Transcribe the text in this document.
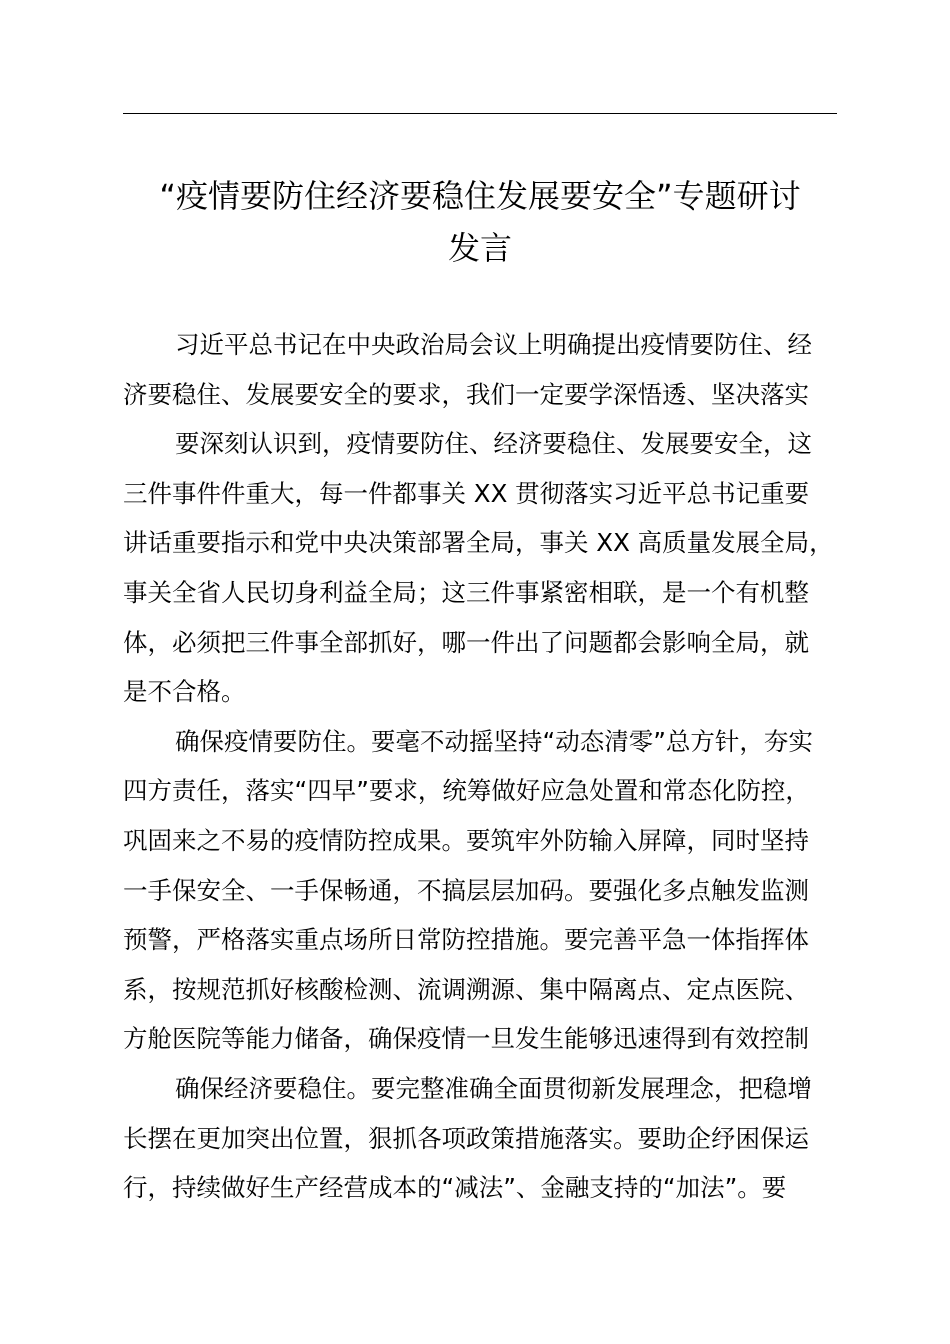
“疫情要防住经济要稳住发展要安全”专题研讨
发言
习近平总书记在中央政治局会议上明确提出疫情要防住、经
济要稳住、发展要安全的要求，我们一定要学深悟透、坚决落实
要深刻认识到，疫情要防住、经济要稳住、发展要安全，这
三件事件件重大，每一件都事关 XX 贯彻落实习近平总书记重要
讲话重要指示和党中央决策部署全局，事关 XX 高质量发展全局，
事关全省人民切身利益全局；这三件事紧密相联，是一个有机整
体，必须把三件事全部抓好，哪一件出了问题都会影响全局，就
是不合格。
确保疫情要防住。要毫不动摇坚持“动态清零”总方针，夯实
四方责任，落实“四早”要求，统筹做好应急处置和常态化防控，
巩固来之不易的疫情防控成果。要筑牢外防输入屏障，同时坚持
一手保安全、一手保畅通，不搞层层加码。要强化多点触发监测
预警，严格落实重点场所日常防控措施。要完善平急一体指挥体
系，按规范抓好核酸检测、流调溯源、集中隔离点、定点医院、
方舱医院等能力储备，确保疫情一旦发生能够迅速得到有效控制
确保经济要稳住。要完整准确全面贯彻新发展理念，把稳增
长摆在更加突出位置，狠抓各项政策措施落实。要助企纾困保运
行，持续做好生产经营成本的“减法”、金融支持的“加法”。要
